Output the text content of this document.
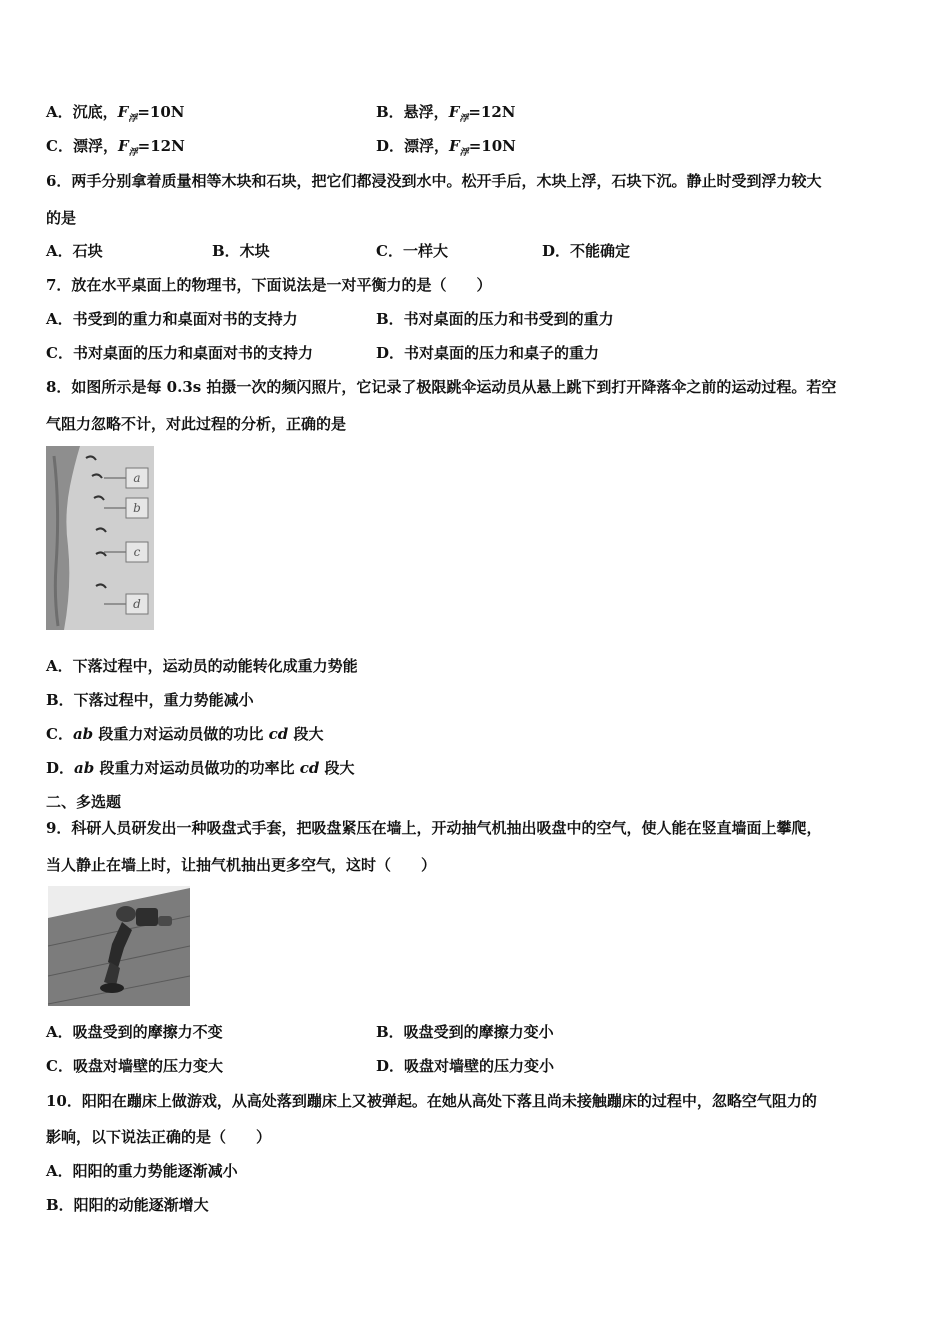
A．沉底，$F_浮=10N$	B．悬浮，$F_浮=12N$
C．漂浮，$F_浮=12N$	D．漂浮，$F_浮=10N$
6．两手分别拿着质量相等木块和石块，把它们都浸没到水中。松开手后，木块上浮，石块下沉。静止时受到浮力较大
的是
A．石块	B．木块	C．一样大	D．不能确定
7．放在水平桌面上的物理书，下面说法是一对平衡力的是（　　）
A．书受到的重力和桌面对书的支持力	B．书对桌面的压力和书受到的重力
C．书对桌面的压力和桌面对书的支持力	D．书对桌面的压力和桌子的重力
8．如图所示是每 0.3s 拍摄一次的频闪照片，它记录了极限跳伞运动员从悬上跳下到打开降落伞之前的运动过程。若空
气阻力忽略不计，对此过程的分析，正确的是
a
b
c
d
A．下落过程中，运动员的动能转化成重力势能
B．下落过程中，重力势能减小
C．ab 段重力对运动员做的功比 cd 段大
D．ab 段重力对运动员做功的功率比 cd 段大
二、多选题
9．科研人员研发出一种吸盘式手套，把吸盘紧压在墙上，开动抽气机抽出吸盘中的空气，使人能在竖直墙面上攀爬，
当人静止在墙上时，让抽气机抽出更多空气，这时（　　）
A．吸盘受到的摩擦力不变	B．吸盘受到的摩擦力变小
C．吸盘对墙壁的压力变大	D．吸盘对墙壁的压力变小
10．阳阳在蹦床上做游戏，从高处落到蹦床上又被弹起。在她从高处下落且尚未接触蹦床的过程中，忽略空气阻力的
影响，以下说法正确的是（　　）
A．阳阳的重力势能逐渐减小
B．阳阳的动能逐渐增大
